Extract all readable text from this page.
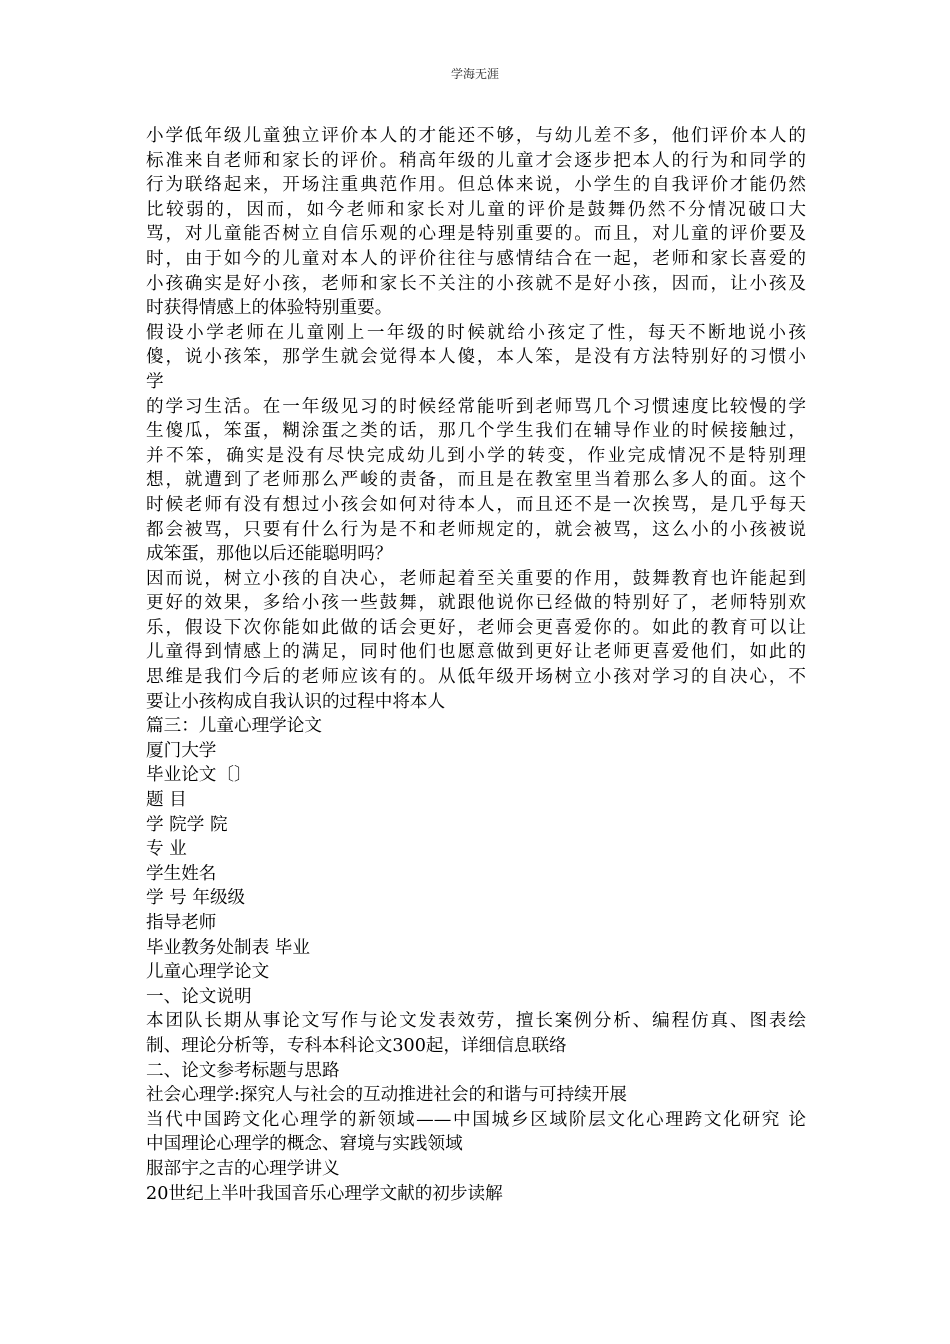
学海无涯
小学低年级儿童独立评价本人的才能还不够，与幼儿差不多，他们评价本人的
标准来自老师和家长的评价。稍高年级的儿童才会逐步把本人的行为和同学的
行为联络起来，开场注重典范作用。但总体来说，小学生的自我评价才能仍然
比较弱的，因而，如今老师和家长对儿童的评价是鼓舞仍然不分情况破口大
骂，对儿童能否树立自信乐观的心理是特别重要的。而且，对儿童的评价要及
时，由于如今的儿童对本人的评价往往与感情结合在一起，老师和家长喜爱的
小孩确实是好小孩，老师和家长不关注的小孩就不是好小孩，因而，让小孩及
时获得情感上的体验特别重要。
假设小学老师在儿童刚上一年级的时候就给小孩定了性，每天不断地说小孩
傻，说小孩笨，那学生就会觉得本人傻，本人笨，是没有方法特别好的习惯小
学
的学习生活。在一年级见习的时候经常能听到老师骂几个习惯速度比较慢的学
生傻瓜，笨蛋，糊涂蛋之类的话，那几个学生我们在辅导作业的时候接触过，
并不笨，确实是没有尽快完成幼儿到小学的转变，作业完成情况不是特别理
想，就遭到了老师那么严峻的责备，而且是在教室里当着那么多人的面。这个
时候老师有没有想过小孩会如何对待本人，而且还不是一次挨骂，是几乎每天
都会被骂，只要有什么行为是不和老师规定的，就会被骂，这么小的小孩被说
成笨蛋，那他以后还能聪明吗？
因而说，树立小孩的自决心，老师起着至关重要的作用，鼓舞教育也许能起到
更好的效果，多给小孩一些鼓舞，就跟他说你已经做的特别好了，老师特别欢
乐，假设下次你能如此做的话会更好，老师会更喜爱你的。如此的教育可以让
儿童得到情感上的满足，同时他们也愿意做到更好让老师更喜爱他们，如此的
思维是我们今后的老师应该有的。从低年级开场树立小孩对学习的自决心，不
要让小孩构成自我认识的过程中将本人
篇三：儿童心理学论文
厦门大学
毕业论文〔〕
题 目
学 院学 院
专 业
学生姓名
学 号 年级级
指导老师
毕业教务处制表 毕业
儿童心理学论文
一、论文说明
本团队长期从事论文写作与论文发表效劳，擅长案例分析、编程仿真、图表绘
制、理论分析等，专科本科论文300起，详细信息联络
二、论文参考标题与思路
社会心理学:探究人与社会的互动推进社会的和谐与可持续开展
当代中国跨文化心理学的新领域——中国城乡区域阶层文化心理跨文化研究 论
中国理论心理学的概念、窘境与实践领域
服部宇之吉的心理学讲义
20世纪上半叶我国音乐心理学文献的初步读解
